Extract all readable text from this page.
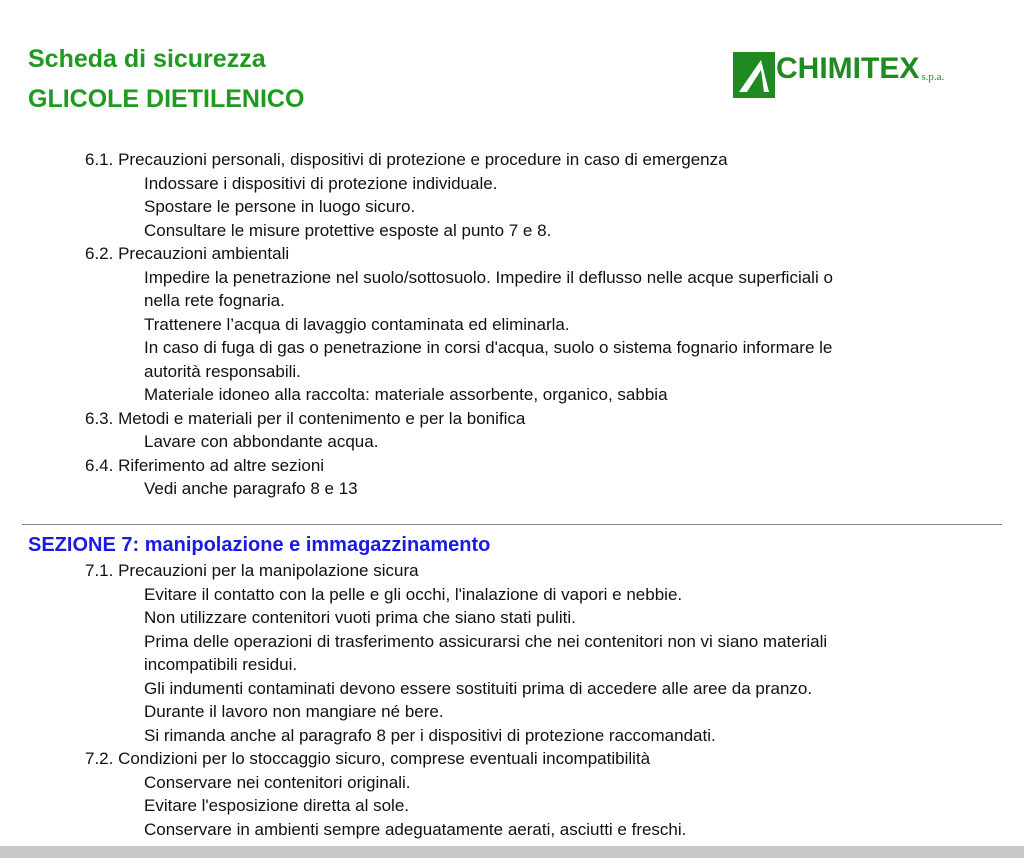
Scheda di sicurezza
GLICOLE DIETILENICO
CHIMITEX s.p.a.
6.1. Precauzioni personali, dispositivi di protezione e procedure in caso di emergenza
Indossare i dispositivi di protezione individuale.
Spostare le persone in luogo sicuro.
Consultare le misure protettive esposte al punto 7 e 8.
6.2. Precauzioni ambientali
Impedire la penetrazione nel suolo/sottosuolo. Impedire il deflusso nelle acque superficiali o
nella rete fognaria.
Trattenere l’acqua di lavaggio contaminata ed eliminarla.
In caso di fuga di gas o penetrazione in corsi d'acqua, suolo o sistema fognario informare le
autorità responsabili.
Materiale idoneo alla raccolta: materiale assorbente, organico, sabbia
6.3. Metodi e materiali per il contenimento e per la bonifica
Lavare con abbondante acqua.
6.4. Riferimento ad altre sezioni
Vedi anche paragrafo 8 e 13
SEZIONE 7: manipolazione e immagazzinamento
7.1. Precauzioni per la manipolazione sicura
Evitare il contatto con la pelle e gli occhi, l'inalazione di vapori e nebbie.
Non utilizzare contenitori vuoti prima che siano stati puliti.
Prima delle operazioni di trasferimento assicurarsi che nei contenitori non vi siano materiali
incompatibili residui.
Gli indumenti contaminati devono essere sostituiti prima di accedere alle aree da pranzo.
Durante il lavoro non mangiare né bere.
Si rimanda anche al paragrafo 8 per i dispositivi di protezione raccomandati.
7.2. Condizioni per lo stoccaggio sicuro, comprese eventuali incompatibilità
Conservare nei contenitori originali.
Evitare l'esposizione diretta al sole.
Conservare in ambienti sempre adeguatamente aerati, asciutti e freschi.
